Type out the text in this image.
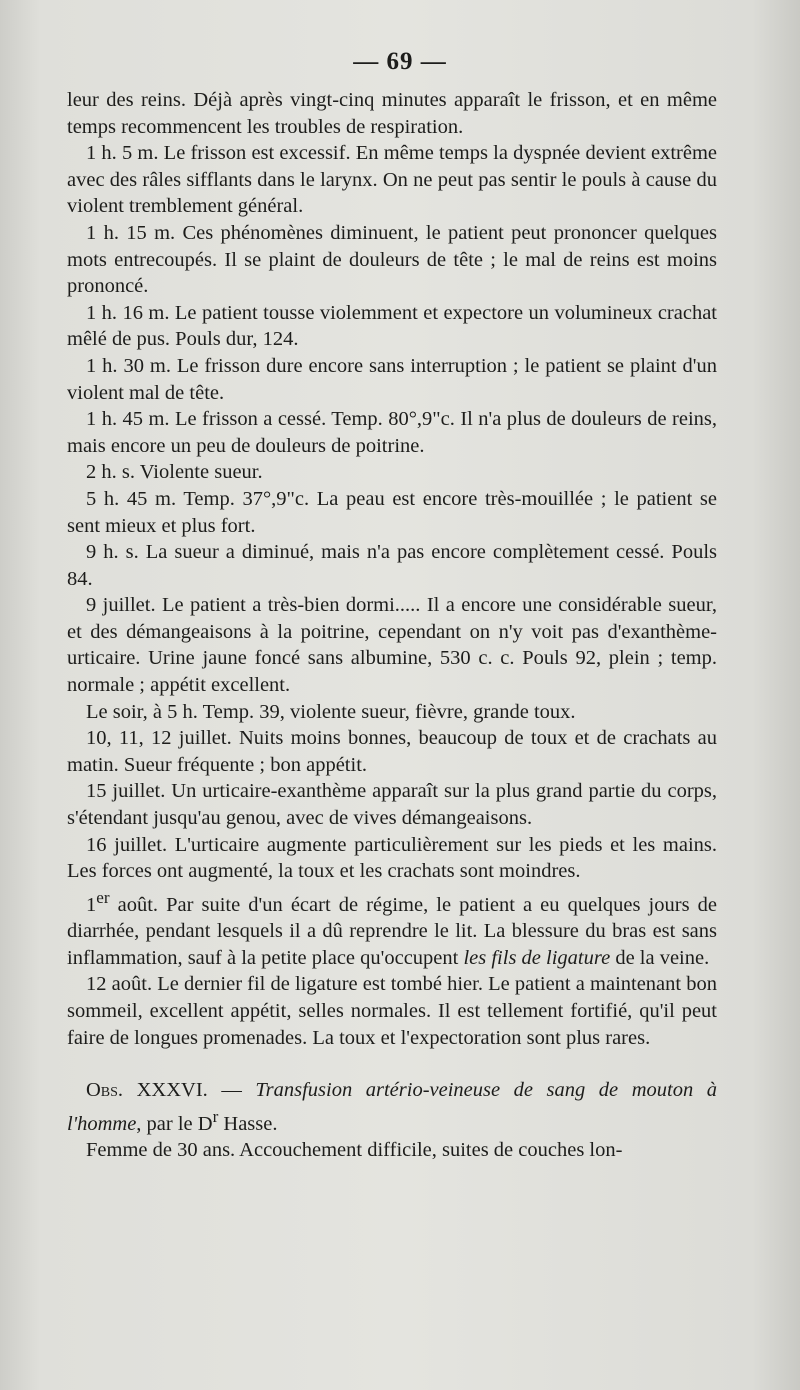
— 69 —

leur des reins. Déjà après vingt-cinq minutes apparaît le frisson, et en même temps recommencent les troubles de respiration.

1 h. 5 m. Le frisson est excessif. En même temps la dyspnée devient extrême avec des râles sifflants dans le larynx. On ne peut pas sentir le pouls à cause du violent tremblement général.

1 h. 15 m. Ces phénomènes diminuent, le patient peut prononcer quelques mots entrecoupés. Il se plaint de douleurs de tête ; le mal de reins est moins prononcé.

1 h. 16 m. Le patient tousse violemment et expectore un volumineux crachat mêlé de pus. Pouls dur, 124.

1 h. 30 m. Le frisson dure encore sans interruption ; le patient se plaint d'un violent mal de tête.

1 h. 45 m. Le frisson a cessé. Temp. 80°,9"c. Il n'a plus de douleurs de reins, mais encore un peu de douleurs de poitrine.

2 h. s. Violente sueur.

5 h. 45 m. Temp. 37°,9"c. La peau est encore très-mouillée ; le patient se sent mieux et plus fort.

9 h. s. La sueur a diminué, mais n'a pas encore complètement cessé. Pouls 84.

9 juillet. Le patient a très-bien dormi..... Il a encore une considérable sueur, et des démangeaisons à la poitrine, cependant on n'y voit pas d'exanthème-urticaire. Urine jaune foncé sans albumine, 530 c. c. Pouls 92, plein ; temp. normale ; appétit excellent.

Le soir, à 5 h. Temp. 39, violente sueur, fièvre, grande toux.

10, 11, 12 juillet. Nuits moins bonnes, beaucoup de toux et de crachats au matin. Sueur fréquente ; bon appétit.

15 juillet. Un urticaire-exanthème apparaît sur la plus grand partie du corps, s'étendant jusqu'au genou, avec de vives démangeaisons.

16 juillet. L'urticaire augmente particulièrement sur les pieds et les mains. Les forces ont augmenté, la toux et les crachats sont moindres.

1er août. Par suite d'un écart de régime, le patient a eu quelques jours de diarrhée, pendant lesquels il a dû reprendre le lit. La blessure du bras est sans inflammation, sauf à la petite place qu'occupent les fils de ligature de la veine.

12 août. Le dernier fil de ligature est tombé hier. Le patient a maintenant bon sommeil, excellent appétit, selles normales. Il est tellement fortifié, qu'il peut faire de longues promenades. La toux et l'expectoration sont plus rares.

Obs. XXXVI. — Transfusion artério-veineuse de sang de mouton à l'homme, par le $D^r$ Hasse.

Femme de 30 ans. Accouchement difficile, suites de couches lon-
